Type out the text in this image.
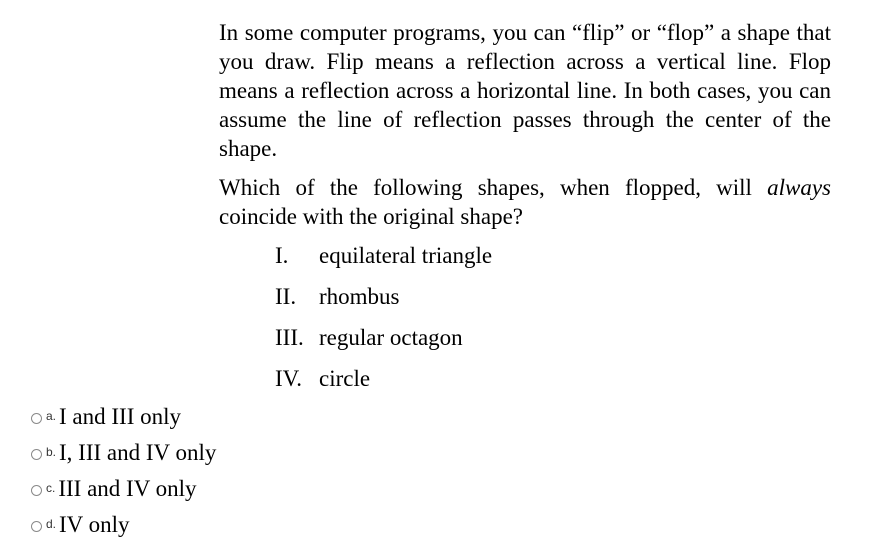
In some computer programs, you can “flip” or “flop” a shape that you draw. Flip means a reflection across a vertical line. Flop means a reflection across a horizontal line. In both cases, you can assume the line of reflection passes through the center of the shape.

Which of the following shapes, when flopped, will always coincide with the original shape?

I. equilateral triangle
II. rhombus
III. regular octagon
IV. circle
a. I and III only
b. I, III and IV only
c. III and IV only
d. IV only
